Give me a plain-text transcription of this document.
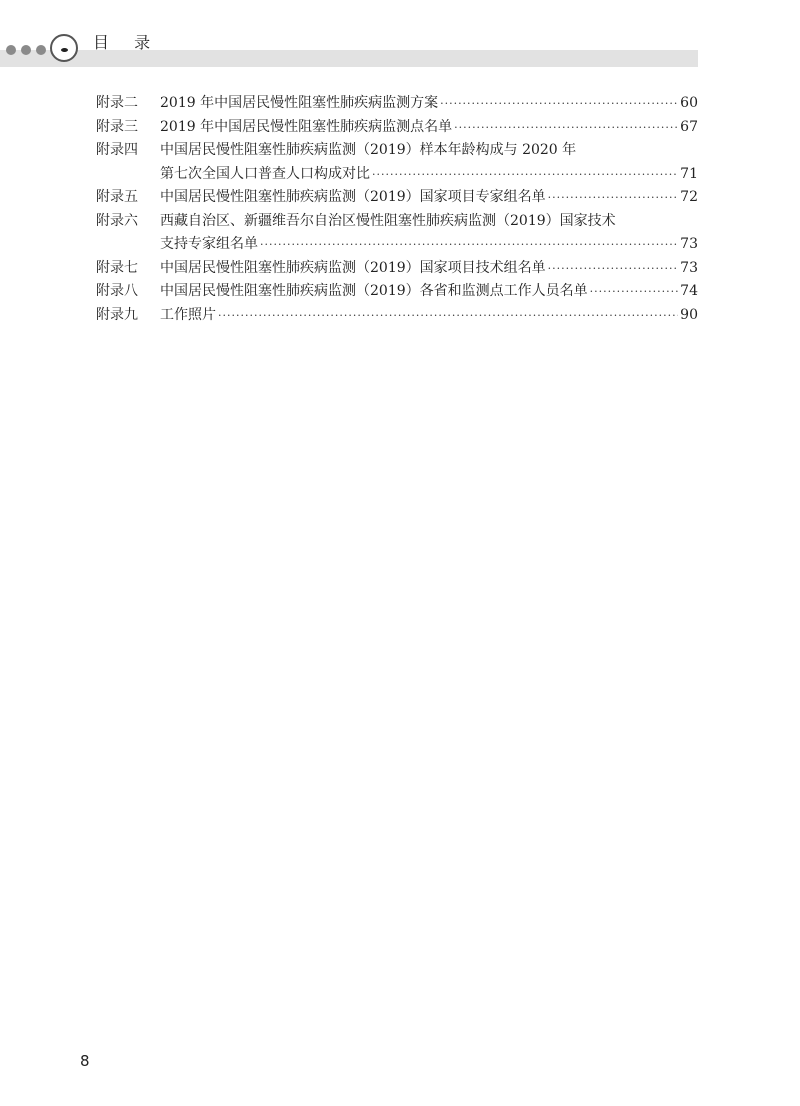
目 录
附录二	2019 年中国居民慢性阻塞性肺疾病监测方案 ·····	60
附录三	2019 年中国居民慢性阻塞性肺疾病监测点名单 ·····	67
附录四	中国居民慢性阻塞性肺疾病监测（2019）样本年龄构成与 2020 年
第七次全国人口普查人口构成对比 ·····	71
附录五	中国居民慢性阻塞性肺疾病监测（2019）国家项目专家组名单 ·····	72
附录六	西藏自治区、新疆维吾尔自治区慢性阻塞性肺疾病监测（2019）国家技术
支持专家组名单 ·····	73
附录七	中国居民慢性阻塞性肺疾病监测（2019）国家项目技术组名单 ·····	73
附录八	中国居民慢性阻塞性肺疾病监测（2019）各省和监测点工作人员名单 ·····	74
附录九	工作照片 ·····	90
8
